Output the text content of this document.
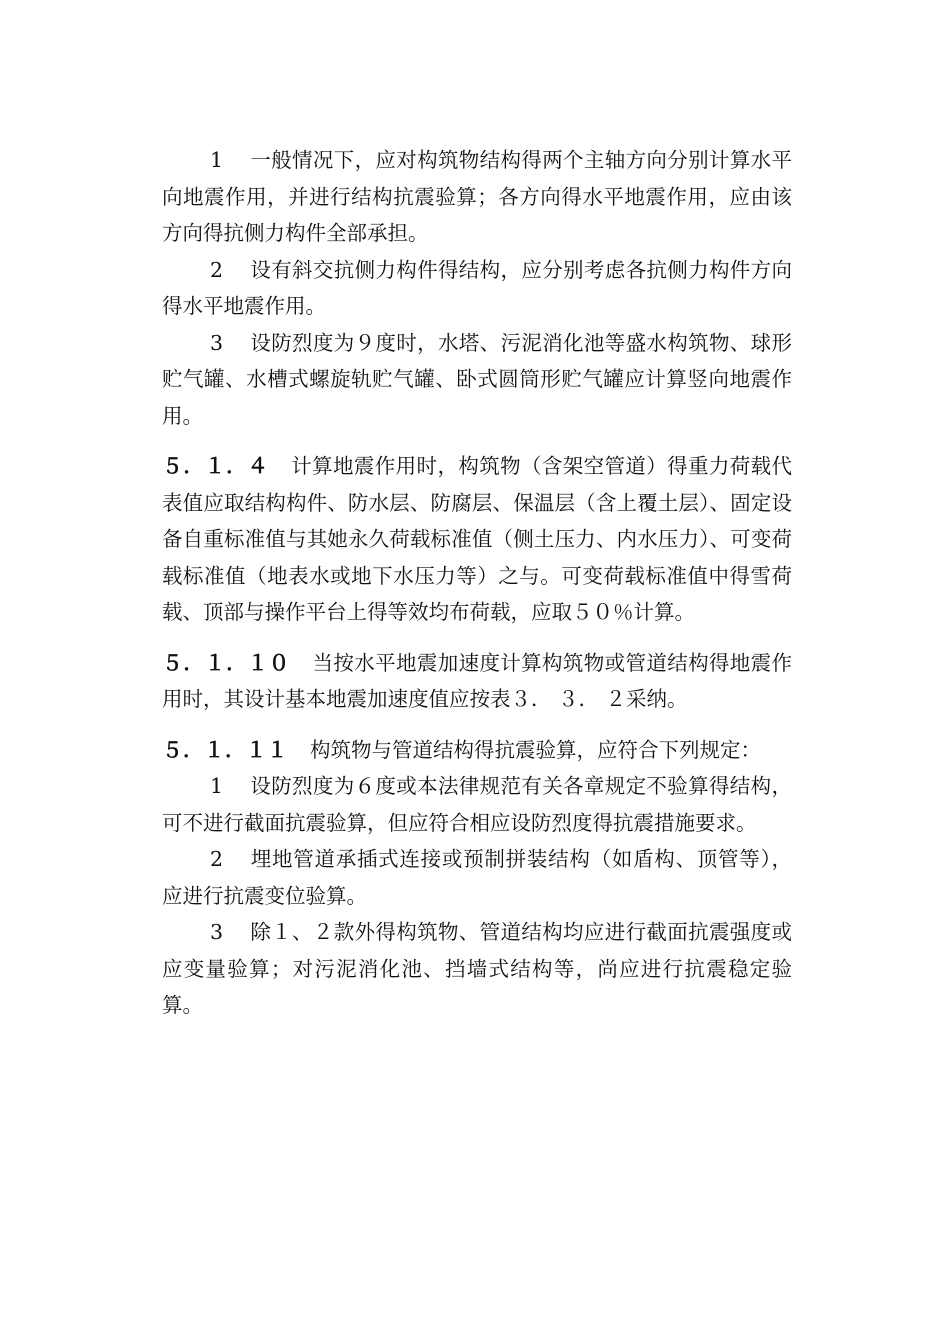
1 一般情况下，应对构筑物结构得两个主轴方向分别计算水平向地震作用，并进行结构抗震验算；各方向得水平地震作用，应由该方向得抗侧力构件全部承担。

2 设有斜交抗侧力构件得结构，应分别考虑各抗侧力构件方向得水平地震作用。

3 设防烈度为９度时，水塔、污泥消化池等盛水构筑物、球形贮气罐、水槽式螺旋轨贮气罐、卧式圆筒形贮气罐应计算竖向地震作用。

５．１．４ 计算地震作用时，构筑物（含架空管道）得重力荷载代表值应取结构构件、防水层、防腐层、保温层（含上覆土层）、固定设备自重标准值与其她永久荷载标准值（侧土压力、内水压力）、可变荷载标准值（地表水或地下水压力等）之与。可变荷载标准值中得雪荷载、顶部与操作平台上得等效均布荷载，应取５０％计算。

５．１．１０ 当按水平地震加速度计算构筑物或管道结构得地震作用时，其设计基本地震加速度值应按表３． ３． ２采纳。

５．１．１１ 构筑物与管道结构得抗震验算，应符合下列规定：

1 设防烈度为６度或本法律规范有关各章规定不验算得结构，可不进行截面抗震验算，但应符合相应设防烈度得抗震措施要求。

2 埋地管道承插式连接或预制拼装结构（如盾构、顶管等），应进行抗震变位验算。

3 除１、２款外得构筑物、管道结构均应进行截面抗震强度或应变量验算；对污泥消化池、挡墙式结构等，尚应进行抗震稳定验算。
